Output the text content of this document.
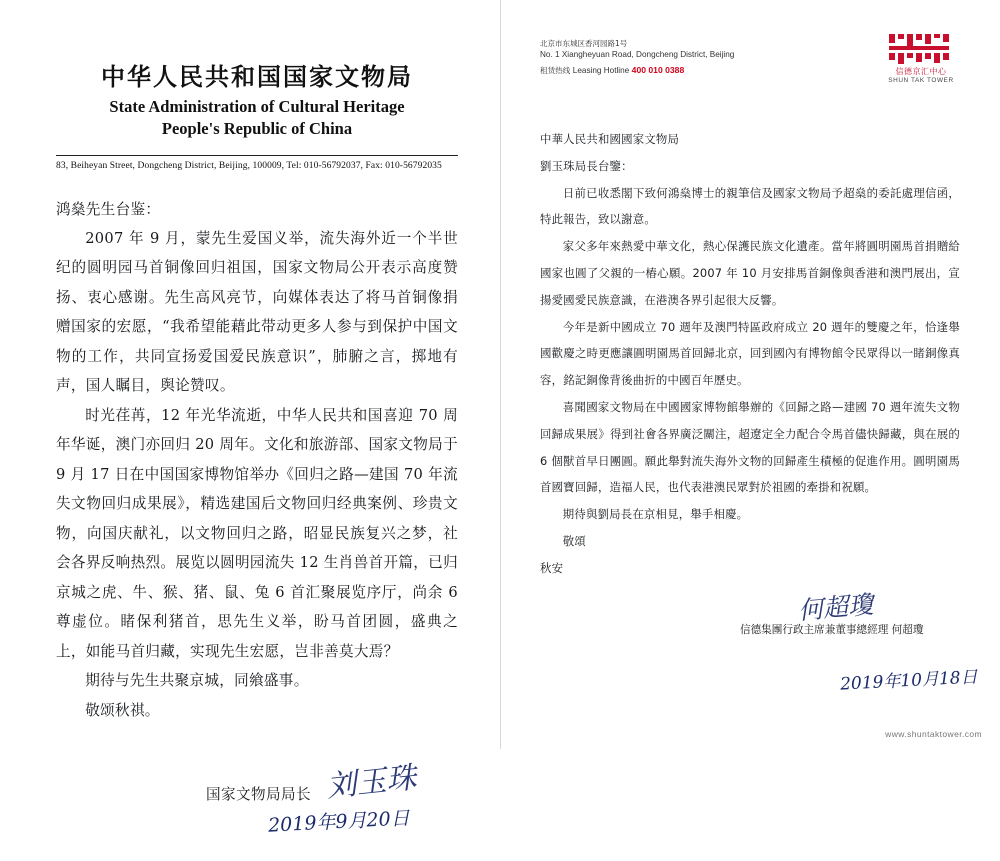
中华人民共和国国家文物局
State Administration of Cultural Heritage
People's Republic of China
83, Beiheyan Street, Dongcheng District, Beijing, 100009, Tel: 010-56792037, Fax: 010-56792035

鸿燊先生台鉴：

2007 年 9 月，蒙先生爱国义举，流失海外近一个半世纪的圆明园马首铜像回归祖国，国家文物局公开表示高度赞扬、衷心感谢。先生高风亮节，向媒体表达了将马首铜像捐赠国家的宏愿，“我希望能藉此带动更多人参与到保护中国文物的工作，共同宣扬爱国爱民族意识”，肺腑之言，掷地有声，国人瞩目，舆论赞叹。

时光荏苒，12 年光华流逝，中华人民共和国喜迎 70 周年华诞，澳门亦回归 20 周年。文化和旅游部、国家文物局于 9 月 17 日在中国国家博物馆举办《回归之路—建国 70 年流失文物回归成果展》，精选建国后文物回归经典案例、珍贵文物，向国庆献礼，以文物回归之路，昭显民族复兴之梦，社会各界反响热烈。展览以圆明园流失 12 生肖兽首开篇，已归京城之虎、牛、猴、猪、鼠、兔 6 首汇聚展览序厅，尚余 6 尊虚位。睹保利猪首，思先生义举，盼马首团圆，盛典之上，如能马首归藏，实现先生宏愿，岂非善莫大焉？

期待与先生共聚京城，同飨盛事。

敬颂秋祺。

国家文物局局长 刘玉珠
2019年9月20日
北京市东城区香河园路1号
No. 1 Xiangheyuan Road, Dongcheng District, Beijing
租赁热线 Leasing Hotline 400 010 0388	信德京汇中心
SHUN TAK TOWER

中華人民共和國國家文物局

劉玉珠局長台鑒：

日前已收悉閣下致何鴻燊博士的親筆信及國家文物局予超燊的委託處理信函，特此報告，致以謝意。

家父多年來熱愛中華文化，熱心保護民族文化遺產。當年將圓明園馬首捐贈給國家也圓了父親的一樁心願。2007 年 10 月安排馬首銅像與香港和澳門展出，宣揚愛國愛民族意識，在港澳各界引起很大反響。

今年是新中國成立 70 週年及澳門特區政府成立 20 週年的雙慶之年，恰逢舉國歡慶之時更應讓圓明園馬首回歸北京，回到國內有博物館令民眾得以一睹銅像真容，銘記銅像背後曲折的中國百年歷史。

喜聞國家文物局在中國國家博物館舉辦的《回歸之路—建國 70 週年流失文物回歸成果展》得到社會各界廣泛關注，超遼定全力配合令馬首儘快歸藏，與在展的 6 個獸首早日團圓。願此舉對流失海外文物的回歸產生積極的促進作用。圓明園馬首國寶回歸，造福人民，也代表港澳民眾對於祖國的牽掛和祝願。

期待與劉局長在京相見，舉手相慶。

敬頌

秋安

何超瓊
信德集團行政主席兼董事總經理 何超瓊
2019年10月18日
www.shuntaktower.com
